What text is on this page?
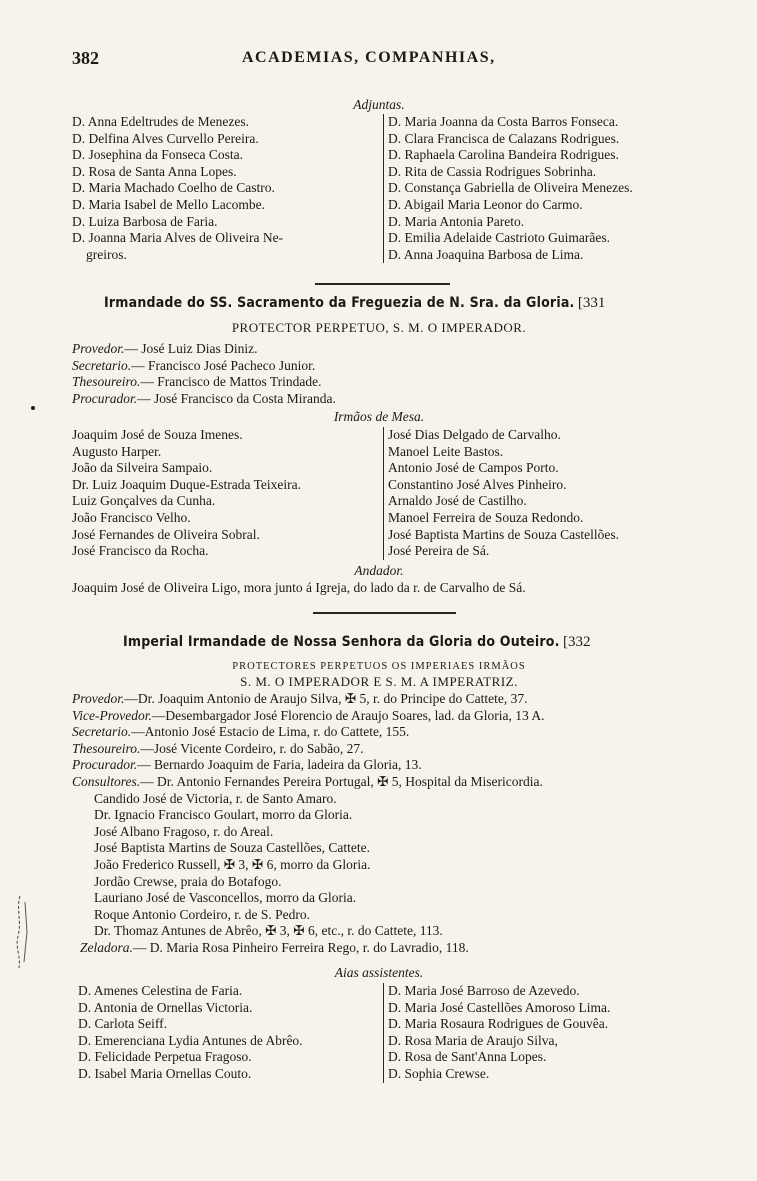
382	ACADEMIAS, COMPANHIAS,
Adjuntas.
D. Anna Edeltrudes de Menezes.
D. Delfina Alves Curvello Pereira.
D. Josephina da Fonseca Costa.
D. Rosa de Santa Anna Lopes.
D. Maria Machado Coelho de Castro.
D. Maria Isabel de Mello Lacombe.
D. Luiza Barbosa de Faria.
D. Joanna Maria Alves de Oliveira Ne-
greiros.
D. Maria Joanna da Costa Barros Fonseca.
D. Clara Francisca de Calazans Rodrigues.
D. Raphaela Carolina Bandeira Rodrigues.
D. Rita de Cassia Rodrigues Sobrinha.
D. Constança Gabriella de Oliveira Menezes.
D. Abigail Maria Leonor do Carmo.
D. Maria Antonia Pareto.
D. Emilia Adelaide Castrioto Guimarães.
D. Anna Joaquina Barbosa de Lima.
Irmandade do SS. Sacramento da Freguezia de N. Sra. da Gloria. [331
PROTECTOR PERPETUO, S. M. O IMPERADOR.
Provedor.— José Luiz Dias Diniz.
Secretario.— Francisco José Pacheco Junior.
Thesoureiro.— Francisco de Mattos Trindade.
Procurador.— José Francisco da Costa Miranda.
Irmãos de Mesa.
Joaquim José de Souza Imenes.
Augusto Harper.
João da Silveira Sampaio.
Dr. Luiz Joaquim Duque-Estrada Teixeira.
Luiz Gonçalves da Cunha.
João Francisco Velho.
José Fernandes de Oliveira Sobral.
José Francisco da Rocha.
José Dias Delgado de Carvalho.
Manoel Leite Bastos.
Antonio José de Campos Porto.
Constantino José Alves Pinheiro.
Arnaldo José de Castilho.
Manoel Ferreira de Souza Redondo.
José Baptista Martins de Souza Castellões.
José Pereira de Sá.
Andador.
Joaquim José de Oliveira Ligo, mora junto á Igreja, do lado da r. de Carvalho de Sá.
Imperial Irmandade de Nossa Senhora da Gloria do Outeiro. [332
PROTECTORES PERPETUOS OS IMPERIAES IRMÃOS
S. M. O IMPERADOR E S. M. A IMPERATRIZ.
Provedor.—Dr. Joaquim Antonio de Araujo Silva, ✠ 5, r. do Principe do Cattete, 37.
Vice-Provedor.—Desembargador José Florencio de Araujo Soares, lad. da Gloria, 13 A.
Secretario.—Antonio José Estacio de Lima, r. do Cattete, 155.
Thesoureiro.—José Vicente Cordeiro, r. do Sabão, 27.
Procurador.— Bernardo Joaquim de Faria, ladeira da Gloria, 13.
Consultores.— Dr. Antonio Fernandes Pereira Portugal, ✠ 5, Hospital da Misericordia.
Candido José de Victoria, r. de Santo Amaro.
Dr. Ignacio Francisco Goulart, morro da Gloria.
José Albano Fragoso, r. do Areal.
José Baptista Martins de Souza Castellões, Cattete.
João Frederico Russell, ✠ 3, ✠ 6, morro da Gloria.
Jordão Crewse, praia do Botafogo.
Lauriano José de Vasconcellos, morro da Gloria.
Roque Antonio Cordeiro, r. de S. Pedro.
Dr. Thomaz Antunes de Abrêo, ✠ 3, ✠ 6, etc., r. do Cattete, 113.
Zeladora.— D. Maria Rosa Pinheiro Ferreira Rego, r. do Lavradio, 118.
Aias assistentes.
D. Amenes Celestina de Faria.
D. Antonia de Ornellas Victoria.
D. Carlota Seiff.
D. Emerenciana Lydia Antunes de Abrêo.
D. Felicidade Perpetua Fragoso.
D. Isabel Maria Ornellas Couto.
D. Maria José Barroso de Azevedo.
D. Maria José Castellões Amoroso Lima.
D. Maria Rosaura Rodrigues de Gouvêa.
D. Rosa Maria de Araujo Silva,
D. Rosa de Sant'Anna Lopes.
D. Sophia Crewse.
